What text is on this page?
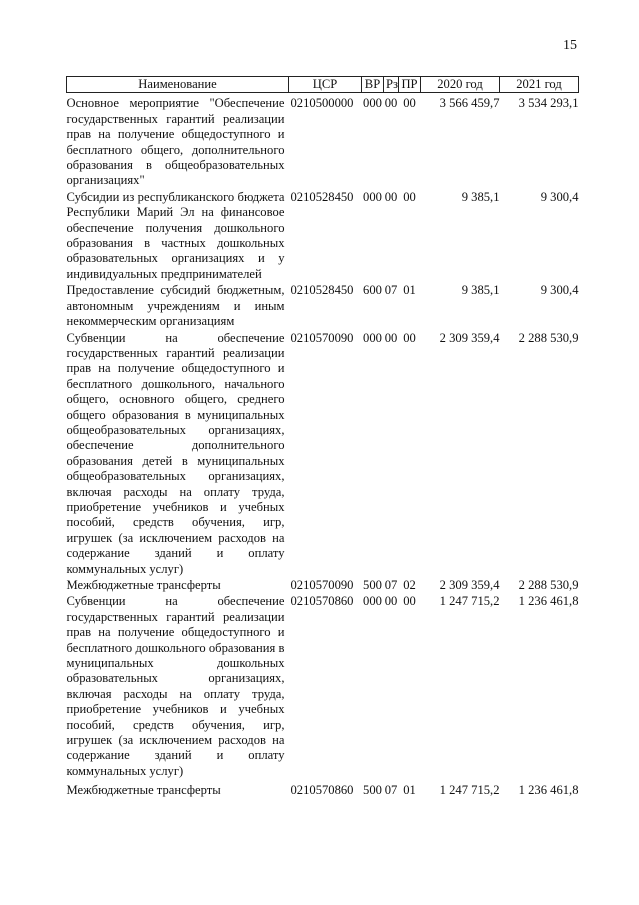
15
Наименование	ЦСР	ВР	Рз	ПР	2020 год	2021 год
Основное мероприятие "Обеспечение государственных гарантий реализации прав на получение общедоступного и бесплатного общего, дополнительного образования в общеобразовательных организациях"	0210500000	000	00	00	3 566 459,7	3 534 293,1
Субсидии из республиканского бюджета Республики Марий Эл на финансовое обеспечение получения дошкольного образования в частных дошкольных образовательных организациях и у индивидуальных предпринимателей	0210528450	000	00	00	9 385,1	9 300,4
Предоставление субсидий бюджетным, автономным учреждениям и иным некоммерческим организациям	0210528450	600	07	01	9 385,1	9 300,4
Субвенции на обеспечение государственных гарантий реализации прав на получение общедоступного и бесплатного дошкольного, начального общего, основного общего, среднего общего образования в муниципальных общеобразовательных организациях, обеспечение дополнительного образования детей в муниципальных общеобразовательных организациях, включая расходы на оплату труда, приобретение учебников и учебных пособий, средств обучения, игр, игрушек (за исключением расходов на содержание зданий и оплату коммунальных услуг)	0210570090	000	00	00	2 309 359,4	2 288 530,9
Межбюджетные трансферты	0210570090	500	07	02	2 309 359,4	2 288 530,9
Субвенции на обеспечение государственных гарантий реализации прав на получение общедоступного и бесплатного дошкольного образования в муниципальных дошкольных образовательных организациях, включая расходы на оплату труда, приобретение учебников и учебных пособий, средств обучения, игр, игрушек (за исключением расходов на содержание зданий и оплату коммунальных услуг)	0210570860	000	00	00	1 247 715,2	1 236 461,8
Межбюджетные трансферты	0210570860	500	07	01	1 247 715,2	1 236 461,8
